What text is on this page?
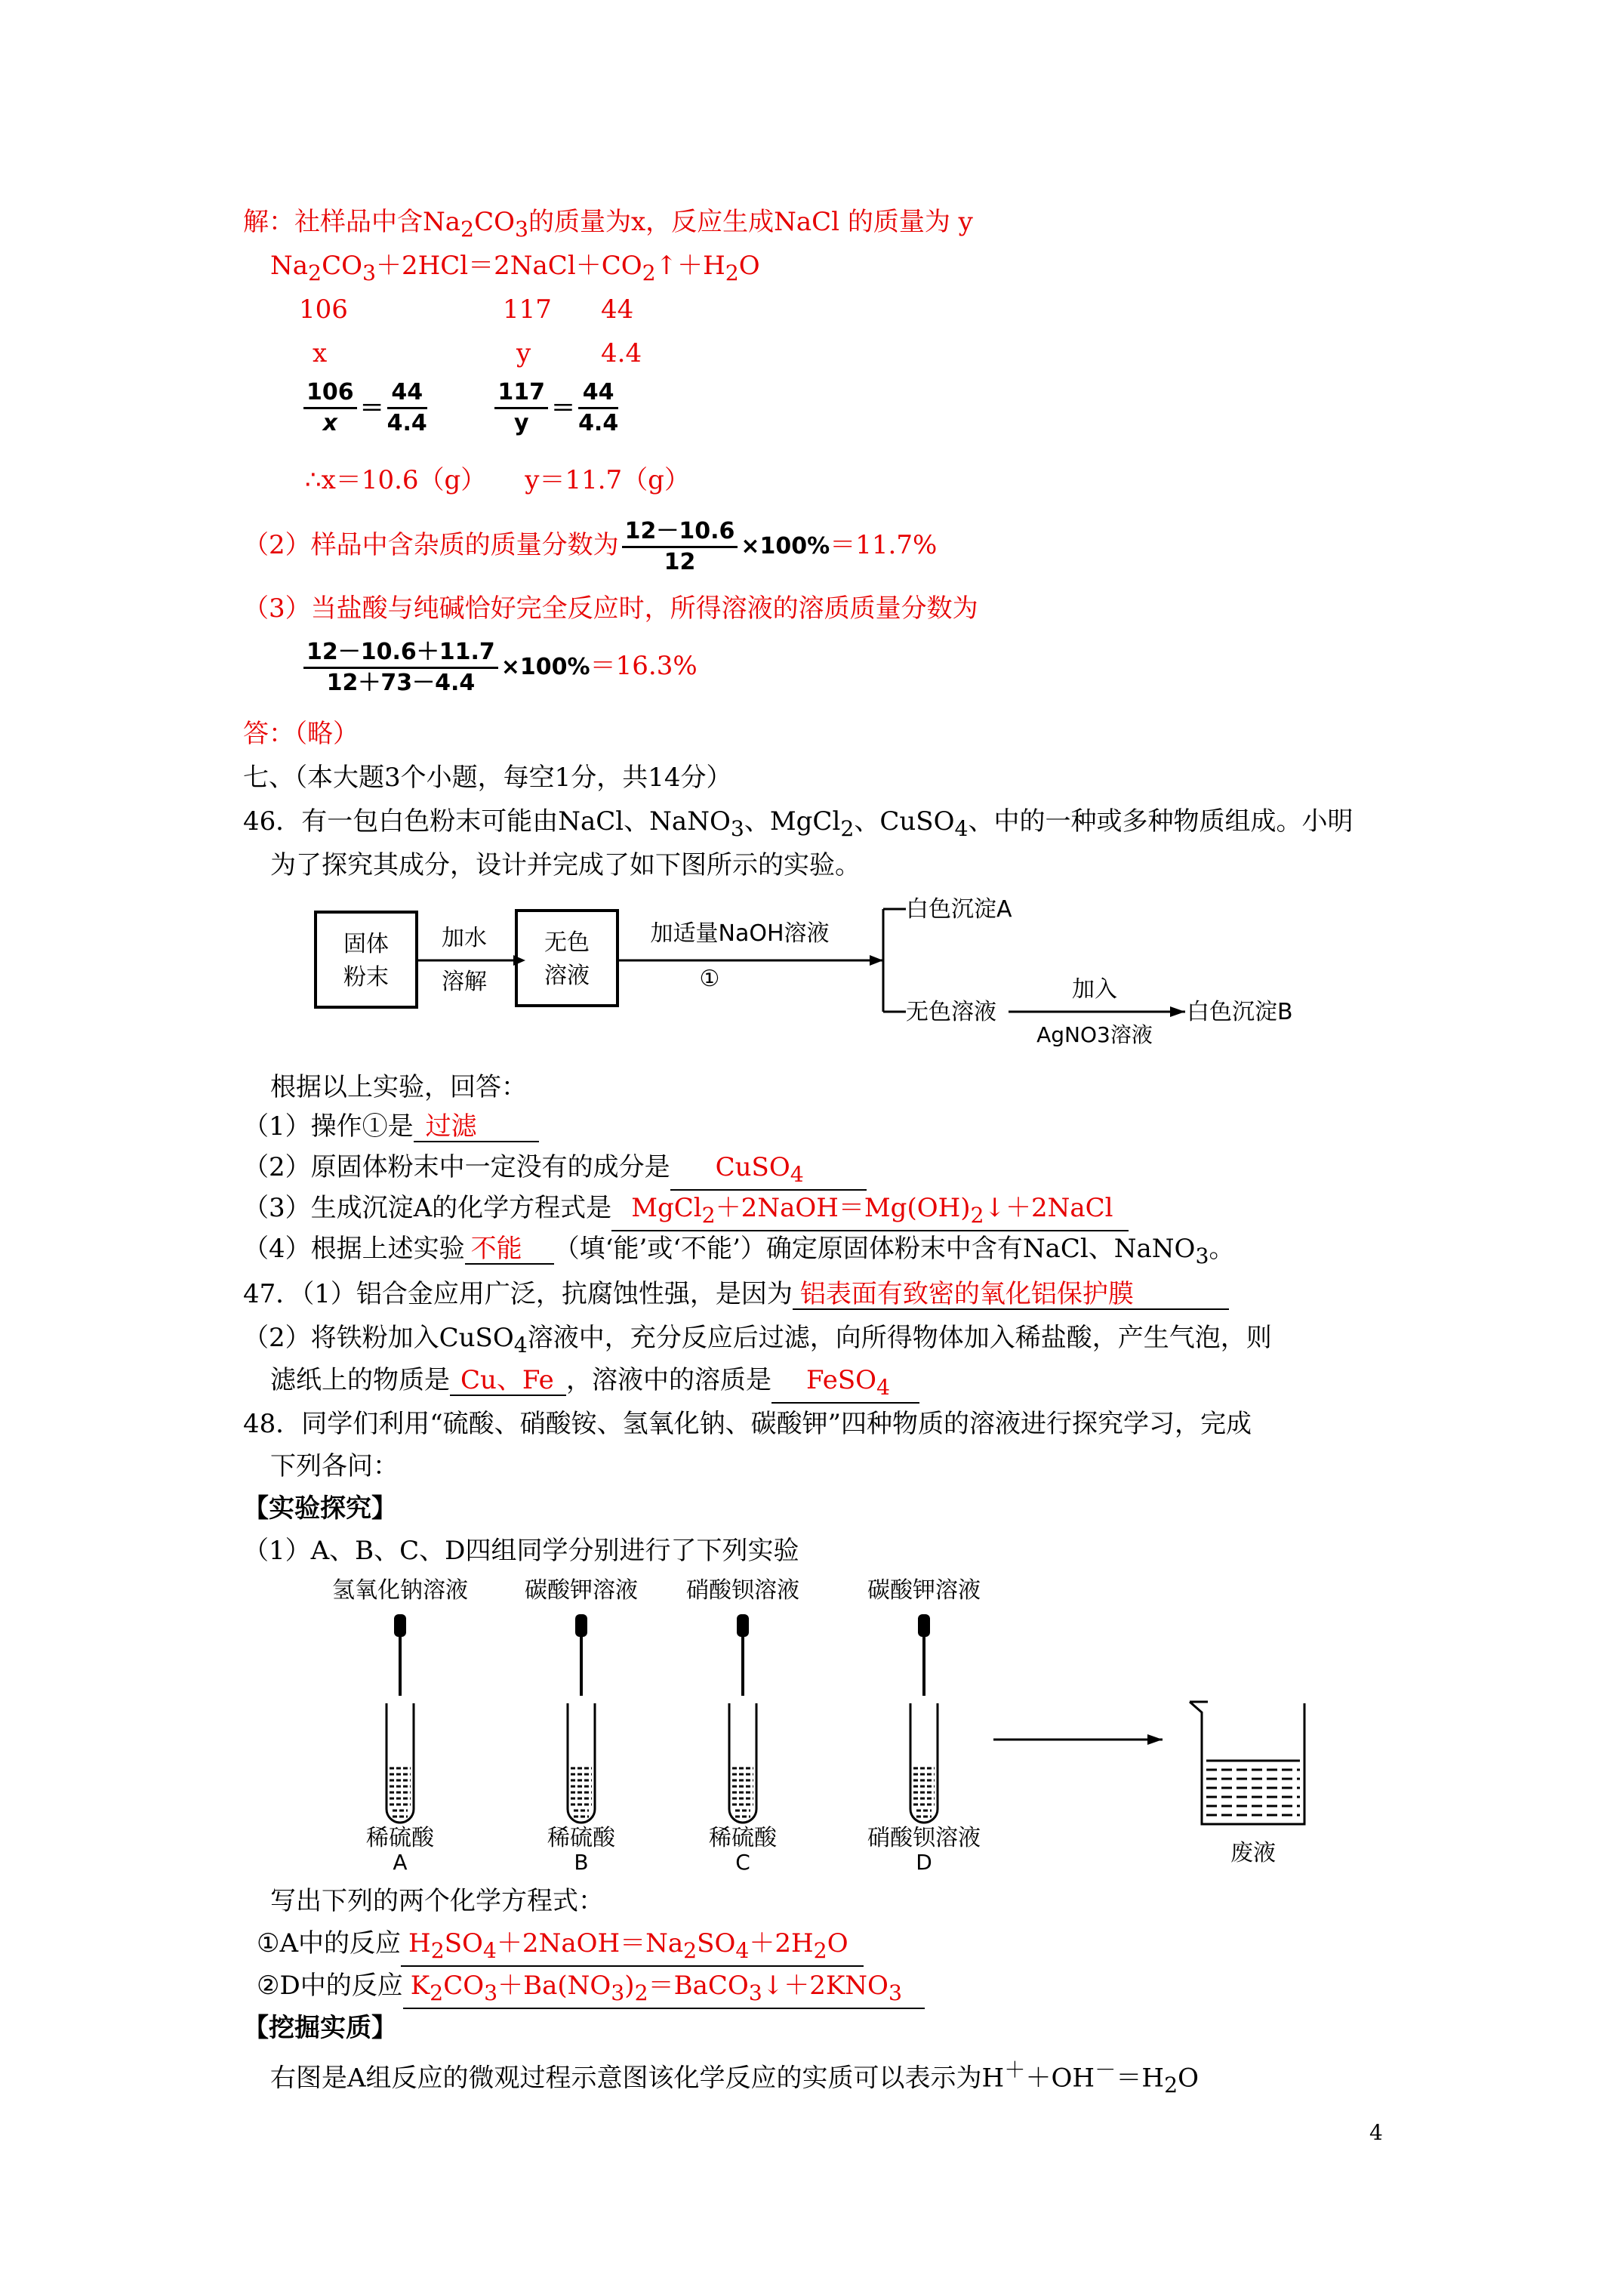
解：社样品中含$Na_2CO_3$的质量为x，反应生成NaCl 的质量为 y
$Na_2CO_3+2HCl=2NaCl+CO_2↑+H_2O$
106	117 44
x	y	4.4
$\frac{106}{x} = \frac{44}{4.4}$
	$\frac{117}{y} = \frac{44}{4.4}$
∴x＝10.6（g）　　y＝11.7（g）
（2）样品中含杂质的质量分数为 $\frac{12-10.6}{12} \times 100\%=11.7\%$
（3）当盐酸与纯碱恰好完全反应时，所得溶液的溶质质量分数为
$\frac{12-10.6+11.7}{12+73-4.4} \times 100\%=16.3\%$
答：（略）
七、（本大题3个小题，每空1分，共14分）
46．有一包白色粉末可能由NaCl、NaNO$_3$、MgCl$_2$、CuSO$_4$、中的一种或多种物质组成。小明
为了探究其成分，设计并完成了如下图所示的实验。
固体
粉末
加水
溶解
无色
溶液
加适量NaOH溶液
①
白色沉淀A
无色溶液
加入
AgNO3溶液
白色沉淀B
根据以上实验，回答：
（1）操作①是 过滤
（2）原固体粉末中一定没有的成分是 CuSO$_4$
（3）生成沉淀A的化学方程式是 $MgCl_2+2NaOH=Mg(OH)_2↓+2NaCl$
（4）根据上述实验 不能 （填‘能’或‘不能’）确定原固体粉末中含有NaCl、NaNO$_3$。
47．（1）铝合金应用广泛，抗腐蚀性强，是因为 铝表面有致密的氧化铝保护膜
（2）将铁粉加入CuSO$_4$溶液中，充分反应后过滤，向所得物体加入稀盐酸，产生气泡，则
滤纸上的物质是 Cu、Fe ，溶液中的溶质是 FeSO$_4$
48．同学们利用“硫酸、硝酸铵、氢氧化钠、碳酸钾”四种物质的溶液进行探究学习，完成
下列各问：
【实验探究】
（1）A、B、C、D四组同学分别进行了下列实验
氢氧化钠溶液
稀硫酸
A
碳酸钾溶液
稀硫酸
B
硝酸钡溶液
稀硫酸
C
碳酸钾溶液
硝酸钡溶液
D	废液
写出下列的两个化学方程式：
①A中的反应 $H_2SO_4+2NaOH=Na_2SO_4+2H_2O$
②D中的反应 $K_2CO_3+Ba(NO_3)_2=BaCO_3↓+2KNO_3$
【挖掘实质】
右图是A组反应的微观过程示意图该化学反应的实质可以表示为$H^++OH^-=H_2O$
4
